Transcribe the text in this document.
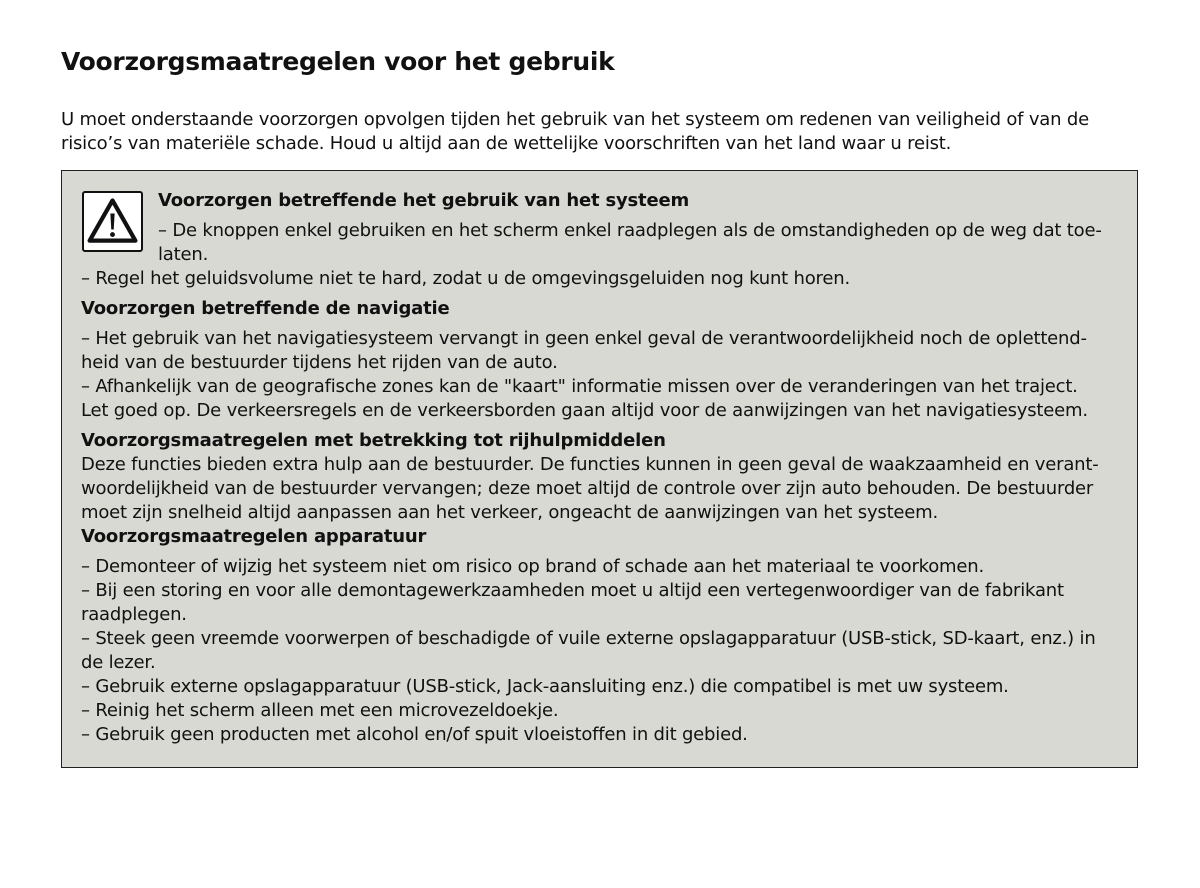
Voorzorgsmaatregelen voor het gebruik

U moet onderstaande voorzorgen opvolgen tijden het gebruik van het systeem om redenen van veiligheid of van de
risico’s van materiële schade. Houd u altijd aan de wettelijke voorschriften van het land waar u reist.

Voorzorgen betreffende het gebruik van het systeem
– De knoppen enkel gebruiken en het scherm enkel raadplegen als de omstandigheden op de weg dat toe-
laten.
– Regel het geluidsvolume niet te hard, zodat u de omgevingsgeluiden nog kunt horen.
Voorzorgen betreffende de navigatie
– Het gebruik van het navigatiesysteem vervangt in geen enkel geval de verantwoordelijkheid noch de oplettend-
heid van de bestuurder tijdens het rijden van de auto.
– Afhankelijk van de geografische zones kan de "kaart" informatie missen over de veranderingen van het traject.
Let goed op. De verkeersregels en de verkeersborden gaan altijd voor de aanwijzingen van het navigatiesysteem.
Voorzorgsmaatregelen met betrekking tot rijhulpmiddelen
Deze functies bieden extra hulp aan de bestuurder. De functies kunnen in geen geval de waakzaamheid en verant-
woordelijkheid van de bestuurder vervangen; deze moet altijd de controle over zijn auto behouden. De bestuurder
moet zijn snelheid altijd aanpassen aan het verkeer, ongeacht de aanwijzingen van het systeem.
Voorzorgsmaatregelen apparatuur
– Demonteer of wijzig het systeem niet om risico op brand of schade aan het materiaal te voorkomen.
– Bij een storing en voor alle demontagewerkzaamheden moet u altijd een vertegenwoordiger van de fabrikant
raadplegen.
– Steek geen vreemde voorwerpen of beschadigde of vuile externe opslagapparatuur (USB-stick, SD-kaart, enz.) in
de lezer.
– Gebruik externe opslagapparatuur (USB-stick, Jack-aansluiting enz.) die compatibel is met uw systeem.
– Reinig het scherm alleen met een microvezeldoekje.
– Gebruik geen producten met alcohol en/of spuit vloeistoffen in dit gebied.
